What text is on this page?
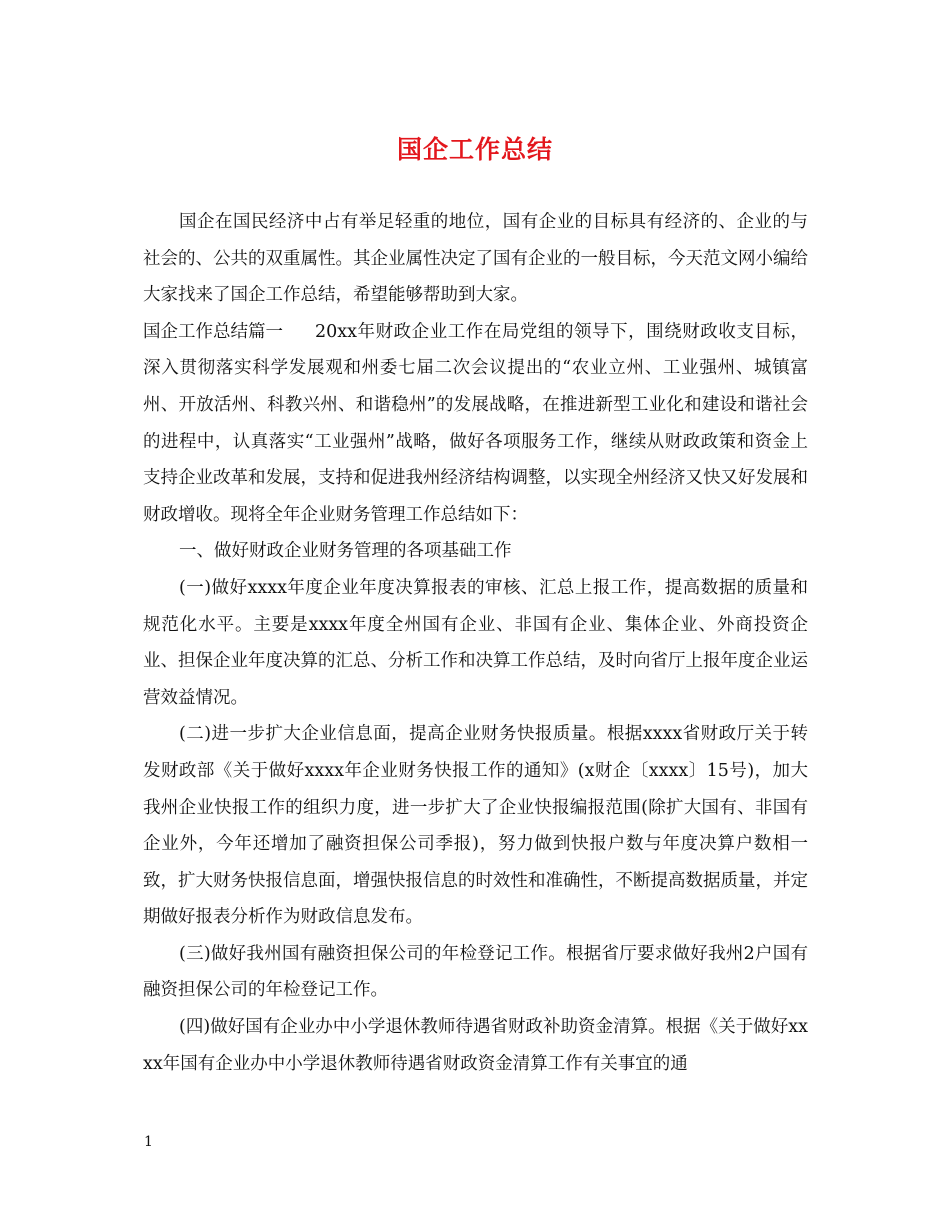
国企工作总结

国企在国民经济中占有举足轻重的地位，国有企业的目标具有经济的、企业的与社会的、公共的双重属性。其企业属性决定了国有企业的一般目标，今天范文网小编给大家找来了国企工作总结，希望能够帮助到大家。

国企工作总结篇一 20xx年财政企业工作在局党组的领导下，围绕财政收支目标，深入贯彻落实科学发展观和州委七届二次会议提出的“农业立州、工业强州、城镇富州、开放活州、科教兴州、和谐稳州”的发展战略，在推进新型工业化和建设和谐社会的进程中，认真落实“工业强州”战略，做好各项服务工作，继续从财政政策和资金上支持企业改革和发展，支持和促进我州经济结构调整，以实现全州经济又快又好发展和财政增收。现将全年企业财务管理工作总结如下：

一、做好财政企业财务管理的各项基础工作

(一)做好xxxx年度企业年度决算报表的审核、汇总上报工作，提高数据的质量和规范化水平。主要是xxxx年度全州国有企业、非国有企业、集体企业、外商投资企业、担保企业年度决算的汇总、分析工作和决算工作总结，及时向省厅上报年度企业运营效益情况。

(二)进一步扩大企业信息面，提高企业财务快报质量。根据xxxx省财政厅关于转发财政部《关于做好xxxx年企业财务快报工作的通知》(x财企〔xxxx〕15号)，加大我州企业快报工作的组织力度，进一步扩大了企业快报编报范围(除扩大国有、非国有企业外，今年还增加了融资担保公司季报)，努力做到快报户数与年度决算户数相一致，扩大财务快报信息面，增强快报信息的时效性和准确性，不断提高数据质量，并定期做好报表分析作为财政信息发布。

(三)做好我州国有融资担保公司的年检登记工作。根据省厅要求做好我州2户国有融资担保公司的年检登记工作。

(四)做好国有企业办中小学退休教师待遇省财政补助资金清算。根据《关于做好xxxx年国有企业办中小学退休教师待遇省财政资金清算工作有关事宜的通

1
